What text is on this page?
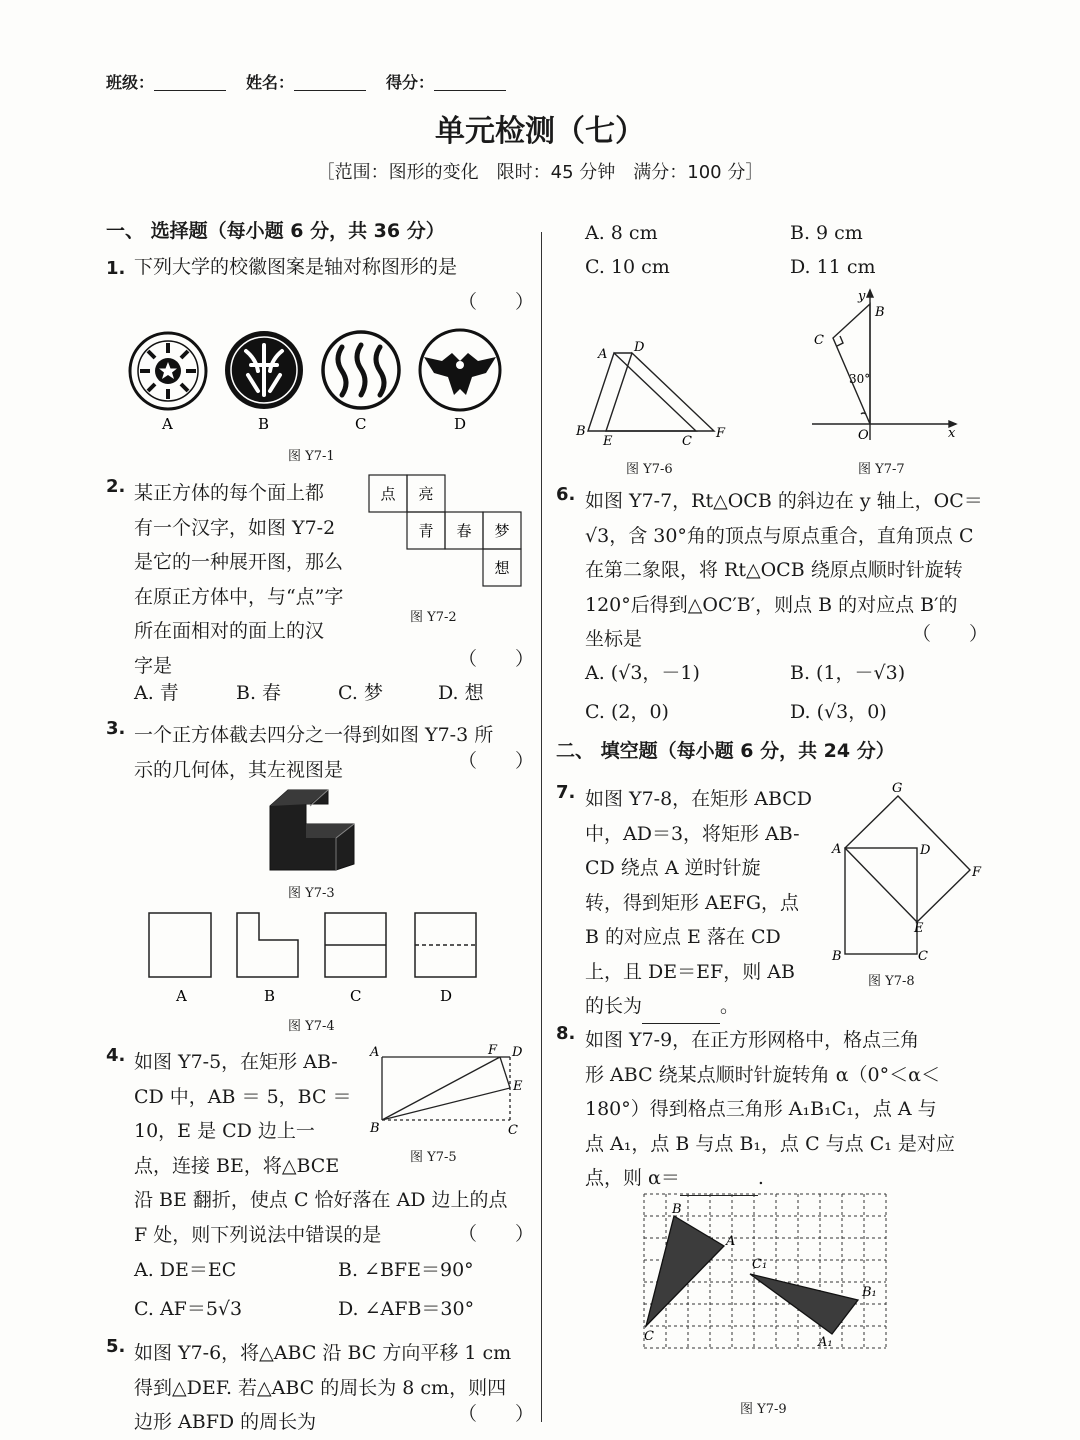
班级：	姓名：	得分：
单元检测（七）
［范围：图形的变化　限时：45 分钟　满分：100 分］
一、 选择题（每小题 6 分，共 36 分）
1. 下列大学的校徽图案是轴对称图形的是
（　　）
A	B	C	D
图 Y7-1
2. 某正方体的每个面上都
有一个汉字，如图 Y7-2
是它的一种展开图，那么
在原正方体中，与“点”字
所在面相对的面上的汉
字是	（　　）
A. 青	B. 春	C. 梦	D. 想
点 亮
青 春 梦
想
图 Y7-2
3. 一个正方体截去四分之一得到如图 Y7-3 所
示的几何体，其左视图是	（　　）
图 Y7-3
A	B	C	D
图 Y7-4
4. 如图 Y7-5，在矩形 AB-
CD 中，AB ＝ 5，BC ＝
10，E 是 CD 边上一
点，连接 BE，将△BCE
沿 BE 翻折，使点 C 恰好落在 AD 边上的点
F 处，则下列说法中错误的是	（　　）
A. DE＝EC	B. ∠BFE＝90°
C. AF＝5√3	D. ∠AFB＝30°
A	F D
E
B	C
图 Y7-5
5. 如图 Y7-6，将△ABC 沿 BC 方向平移 1 cm
得到△DEF. 若△ABC 的周长为 8 cm，则四
边形 ABFD 的周长为	（　　）
A. 8 cm	B. 9 cm
C. 10 cm	D. 11 cm
A D
B
E	C
F
图 Y7-6
y
B
C
30°
O	x
图 Y7-7
6. 如图 Y7-7，Rt△OCB 的斜边在 y 轴上，OC＝
√3，含 30°角的顶点与原点重合，直角顶点 C
在第二象限，将 Rt△OCB 绕原点顺时针旋转
120°后得到△OC′B′，则点 B 的对应点 B′的
坐标是	（　　）
A. (√3，－1)	B. (1，－√3)
C. (2，0)	D. (√3，0)
二、 填空题（每小题 6 分，共 24 分）
7. 如图 Y7-8，在矩形 ABCD
中，AD＝3，将矩形 AB-
CD 绕点 A 逆时针旋
转，得到矩形 AEFG，点
B 的对应点 E 落在 CD
上，且 DE＝EF，则 AB
的长为	。
G
A	D
F
E
B	C
图 Y7-8
8. 如图 Y7-9，在正方形网格中，格点三角
形 ABC 绕某点顺时针旋转角 α（0°＜α＜
180°）得到格点三角形 A₁B₁C₁，点 A 与
点 A₁，点 B 与点 B₁，点 C 与点 C₁ 是对应
点，则 α＝	.
B
A
C
C₁
B₁
A₁
图 Y7-9
